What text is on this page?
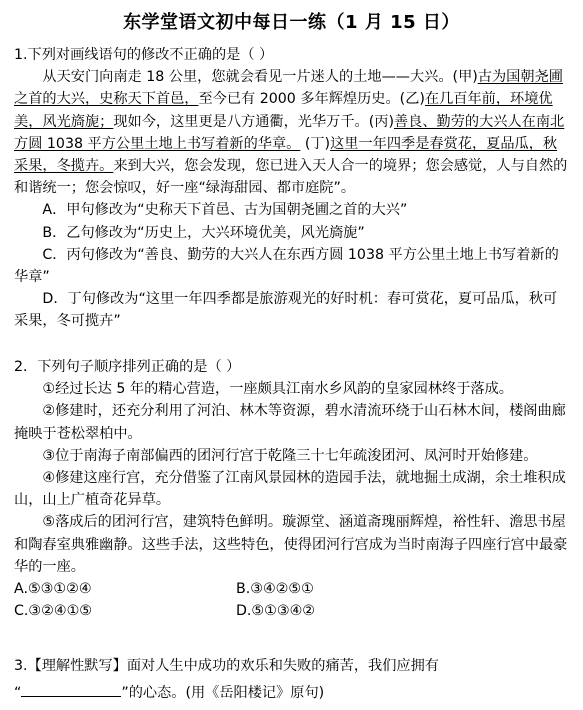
东学堂语文初中每日一练（1 月 15 日）

1.下列对画线语句的修改不正确的是（ ）

从天安门向南走 18 公里，您就会看见一片迷人的土地——大兴。(甲)古为国朝尧圃之首的大兴，史称天下首邑，至今已有 2000 多年辉煌历史。(乙)在几百年前，环境优美，风光旖旎；现如今，这里更是八方通衢，光华万千。(丙)善良、勤劳的大兴人在南北方圆 1038 平方公里土地上书写着新的华章。 (丁)这里一年四季是春赏花，夏品瓜，秋采果，冬揽卉。来到大兴，您会发现，您已进入天人合一的境界；您会感觉，人与自然的和谐统一；您会惊叹，好一座“绿海甜园、都市庭院”。

A．甲句修改为“史称天下首邑、古为国朝尧圃之首的大兴”

B．乙句修改为“历史上，大兴环境优美，风光旖旎”

C．丙句修改为“善良、勤劳的大兴人在东西方圆 1038 平方公里土地上书写着新的华章”

D．丁句修改为“这里一年四季都是旅游观光的好时机：春可赏花，夏可品瓜，秋可采果，冬可揽卉”

2．下列句子顺序排列正确的是（ ）

①经过长达 5 年的精心营造，一座颇具江南水乡风韵的皇家园林终于落成。

②修建时，还充分利用了河泊、林木等资源，碧水清流环绕于山石林木间，楼阁曲廊掩映于苍松翠柏中。

③位于南海子南部偏西的团河行宫于乾隆三十七年疏浚团河、凤河时开始修建。

④修建这座行宫，充分借鉴了江南风景园林的造园手法，就地掘土成湖，余土堆积成山，山上广植奇花异草。

⑤落成后的团河行宫，建筑特色鲜明。璇源堂、涵道斋瑰丽辉煌，裕性轩、澹思书屋和陶春室典雅幽静。这些手法，这些特色，使得团河行宫成为当时南海子四座行宫中最豪华的一座。

A.⑤③①②④	B.③④②⑤①
C.③②④①⑤	D.⑤①③④②

3.【理解性默写】面对人生中成功的欢乐和失败的痛苦，我们应拥有

“	”的心态。(用《岳阳楼记》原句)
